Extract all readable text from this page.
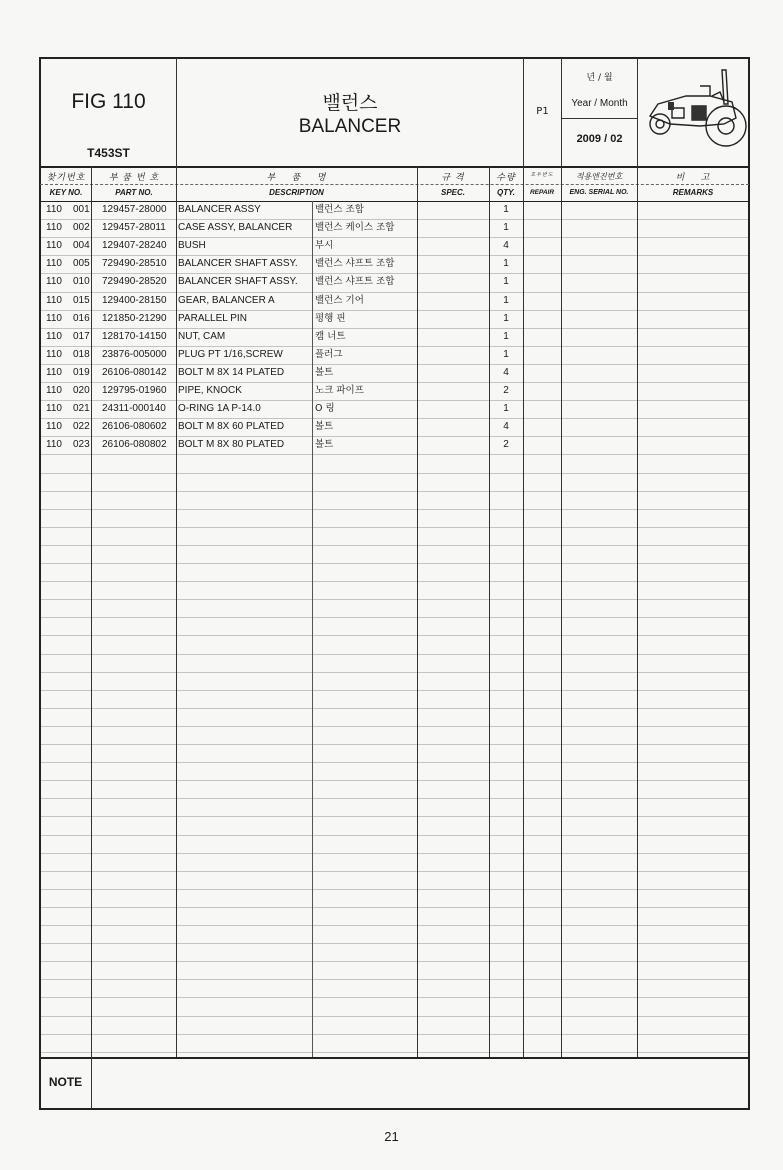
FIG 110
T453ST
밸런스
BALANCER
P1
년 / 월
Year / Month
2009 / 02
찾기번호
KEY NO.
부 품 번 호
PART NO.
부    품    명
DESCRIPTION
규 격
SPEC.
수량
QTY.
호우반도
REPAIR
적용엔진번호
ENG. SERIAL NO.
비    고
REMARKS
110 001 129457-28000 BALANCER ASSY	밸런스 조합	1
110 002 129457-28011 CASE ASSY, BALANCER 밸런스 케이스 조합	1
110 004 129407-28240 BUSH	부시	4
110 005 729490-28510 BALANCER SHAFT ASSY. 밸런스 샤프트 조합	1
110 010 729490-28520 BALANCER SHAFT ASSY. 밸런스 샤프트 조합	1
110 015 129400-28150 GEAR, BALANCER A	밸런스 기어	1
110 016 121850-21290 PARALLEL PIN	평행 핀	1
110 017 128170-14150 NUT, CAM	캠 너트	1
110 018 23876-005000 PLUG PT 1/16,SCREW	플러그	1
110 019 26106-080142 BOLT M 8X 14 PLATED	볼트	4
110 020 129795-01960 PIPE, KNOCK	노크 파이프	2
110 021 24311-000140 O-RING 1A P-14.0	O 링	1
110 022 26106-080602 BOLT M 8X 60 PLATED	볼트	4
110 023 26106-080802 BOLT M 8X 80 PLATED	볼트	2
NOTE
21
